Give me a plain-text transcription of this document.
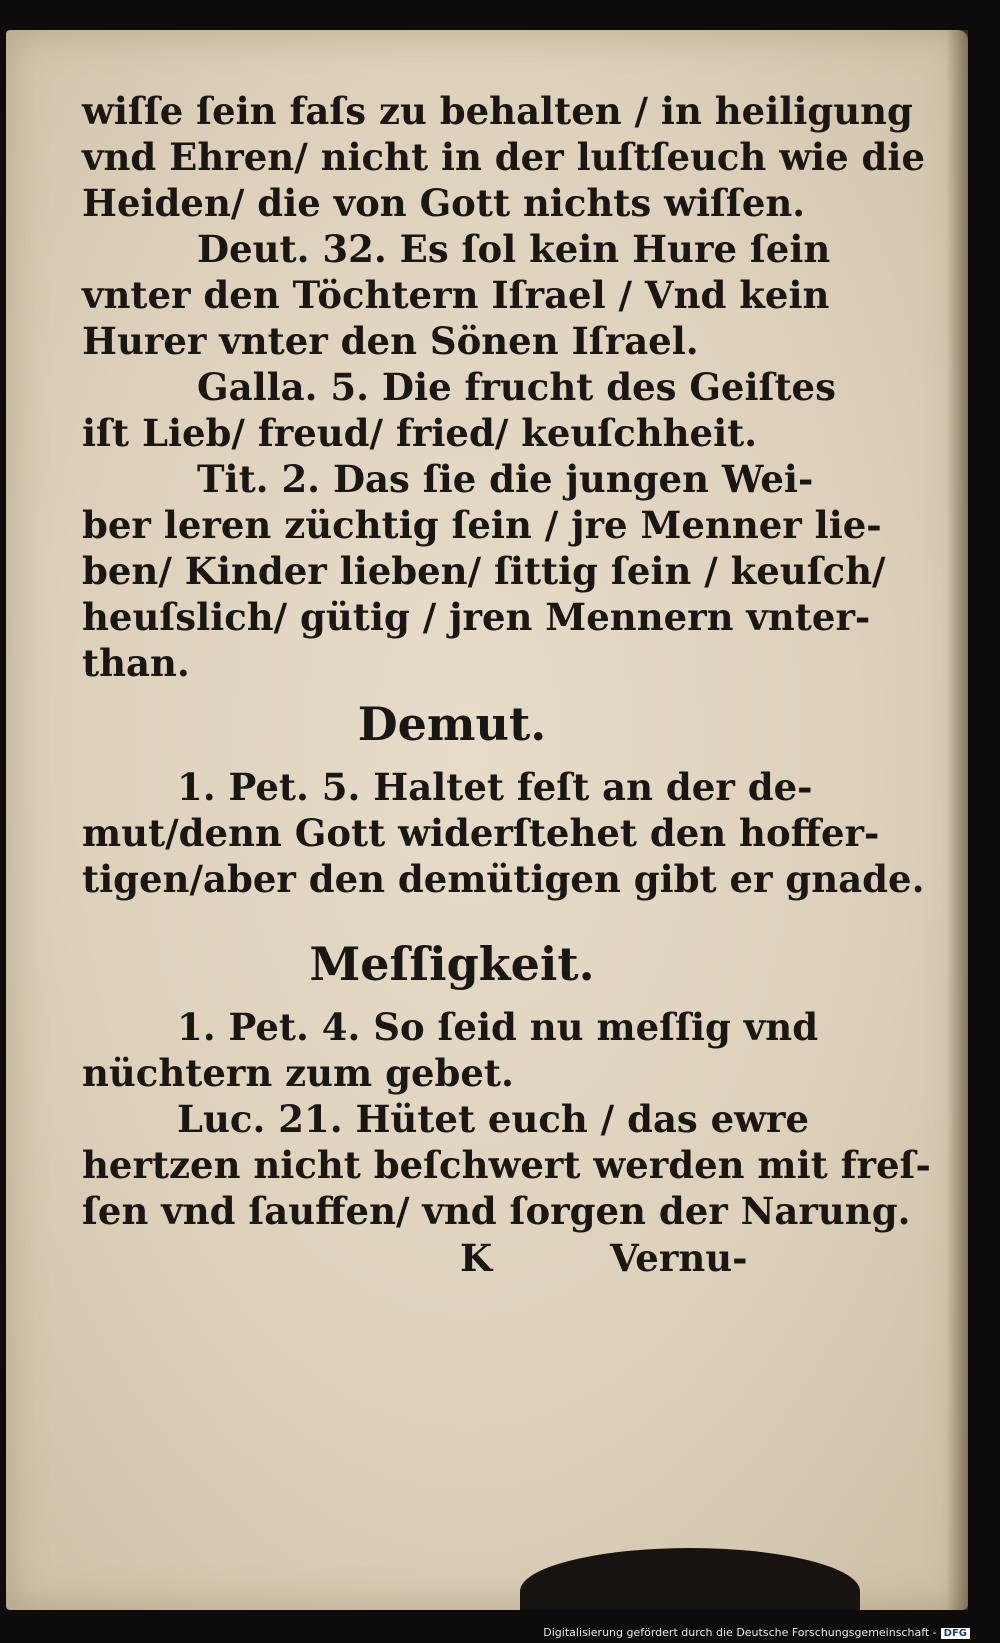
wiſſe ſein faſs zu behalten / in heiligung
vnd Ehren/ nicht in der luſtſeuch wie die
Heiden/ die von Gott nichts wiſſen.
Deut. 32. Es ſol kein Hure ſein
vnter den Töchtern Iſrael / Vnd kein
Hurer vnter den Sönen Iſrael.
Galla. 5. Die frucht des Geiſtes
iſt Lieb/ freud/ fried/ keuſchheit.
Tit. 2. Das ſie die jungen Wei-
ber leren züchtig ſein / jre Menner lie-
ben/ Kinder lieben/ ſittig ſein / keuſch/
heuſslich/ gütig / jren Mennern vnter-
than.
Demut.
1. Pet. 5. Haltet feſt an der de-
mut/denn Gott widerſtehet den hoffer-
tigen/aber den demütigen gibt er gnade.
Meſſigkeit.
1. Pet. 4. So ſeid nu meſſig vnd
nüchtern zum gebet.
Luc. 21. Hütet euch / das ewre
hertzen nicht beſchwert werden mit freſ-
ſen vnd ſauffen/ vnd ſorgen der Narung.
K	Vernu-
Digitalisierung gefördert durch die Deutsche Forschungsgemeinschaft - DFG
